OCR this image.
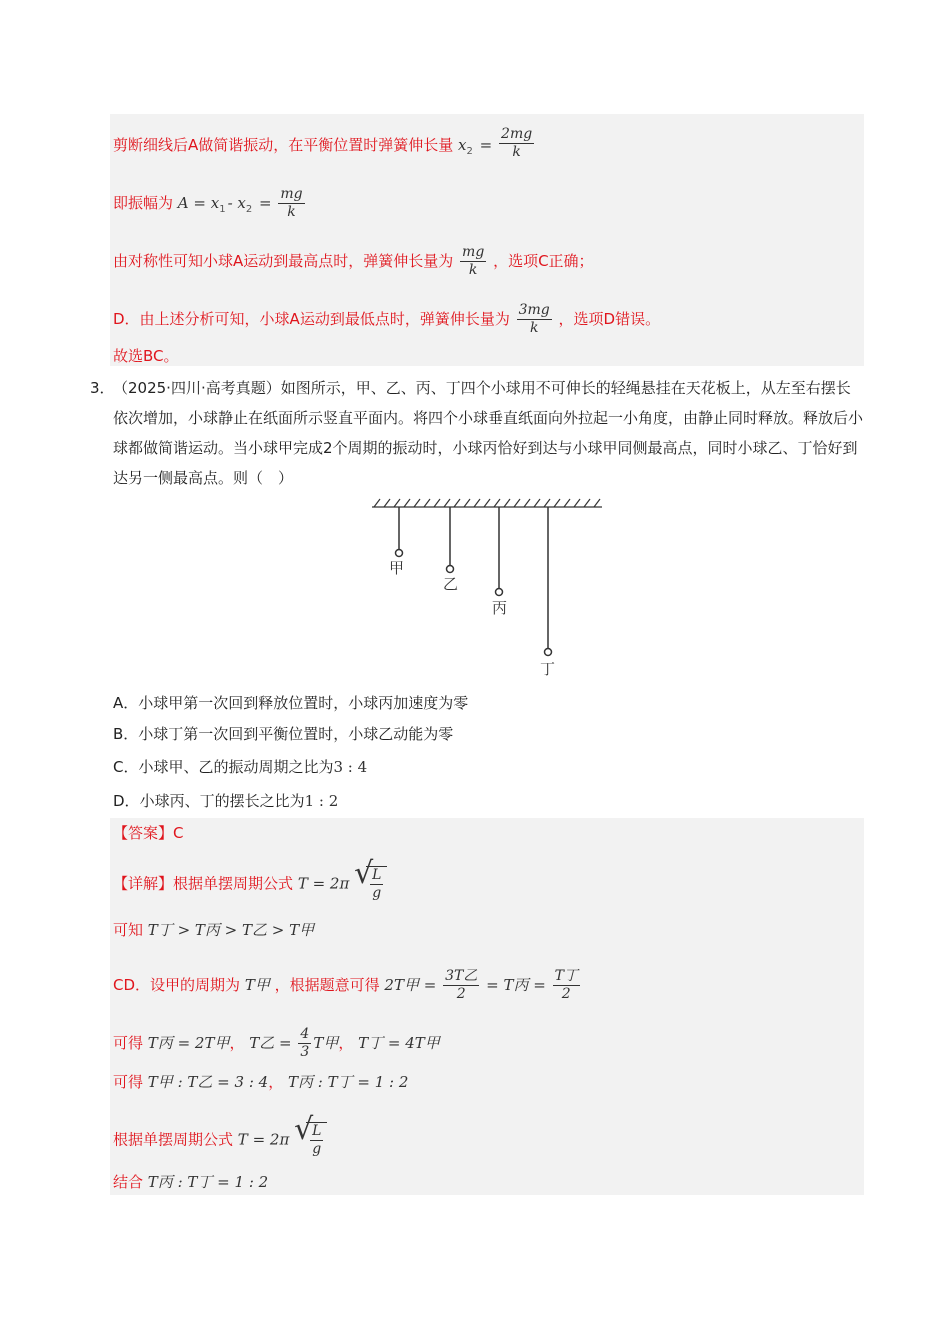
剪断细线后A做简谐振动，在平衡位置时弹簧伸长量 $x_2 = \frac{2mg}{k}$
即振幅为 $A = x_1 - x_2 = \frac{mg}{k}$
由对称性可知小球A运动到最高点时，弹簧伸长量为 $\frac{mg}{k}$ ，选项C正确；
D．由上述分析可知，小球A运动到最低点时，弹簧伸长量为 $\frac{3mg}{k}$ ，选项D错误。
故选BC。
3．
（2025·四川·高考真题）如图所示，甲、乙、丙、丁四个小球用不可伸长的轻绳悬挂在天花板上，从左至右摆长依次增加，小球静止在纸面所示竖直平面内。将四个小球垂直纸面向外拉起一小角度，由静止同时释放。释放后小球都做简谐运动。当小球甲完成2个周期的振动时，小球丙恰好到达与小球甲同侧最高点，同时小球乙、丁恰好到达另一侧最高点。则（　）
甲
乙
丙
丁
A．小球甲第一次回到释放位置时，小球丙加速度为零
B．小球丁第一次回到平衡位置时，小球乙动能为零
C．小球甲、乙的振动周期之比为3 : 4
D．小球丙、丁的摆长之比为1 : 2
【答案】C
【详解】根据单摆周期公式 T = 2π √
$\frac{L}{g}$
可知 T丁 > T丙 > T乙 > T甲
CD．设甲的周期为 T甲 ，根据题意可得 2T甲 = $\frac{\text{3T乙}}{2} = T$丙 = $\frac{\text{T丁}}{2}$
可得 T丙 = 2T甲， T乙 = $\frac{4}{3}$ T甲， T丁 = 4T甲
可得 T甲 : T乙 = 3 : 4， T丙 : T丁 = 1 : 2
根据单摆周期公式 T = 2π √
$\frac{L}{g}$
结合 T丙 : T丁 = 1 : 2
